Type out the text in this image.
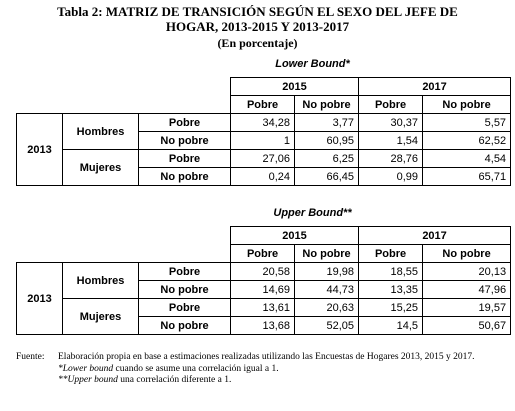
Tabla 2: MATRIZ DE TRANSICIÓN SEGÚN EL SEXO DEL JEFE DE
HOGAR, 2013-2015 Y 2013-2017
(En porcentaje)
Lower Bound*
			2015		2017	
			Pobre	No pobre	Pobre	No pobre
2013	Hombres	Pobre	34,28	3,77	30,37	5,57
		No pobre	1	60,95	1,54	62,52
	Mujeres	Pobre	27,06	6,25	28,76	4,54
		No pobre	0,24	66,45	0,99	65,71
Upper Bound**
			2015		2017	
			Pobre	No pobre	Pobre	No pobre
2013	Hombres	Pobre	20,58	19,98	18,55	20,13
		No pobre	14,69	44,73	13,35	47,96
	Mujeres	Pobre	13,61	20,63	15,25	19,57
		No pobre	13,68	52,05	14,5	50,67
Fuente: Elaboración propia en base a estimaciones realizadas utilizando las Encuestas de Hogares 2013, 2015 y 2017.
*Lower bound cuando se asume una correlación igual a 1.
**Upper bound una correlación diferente a 1.
